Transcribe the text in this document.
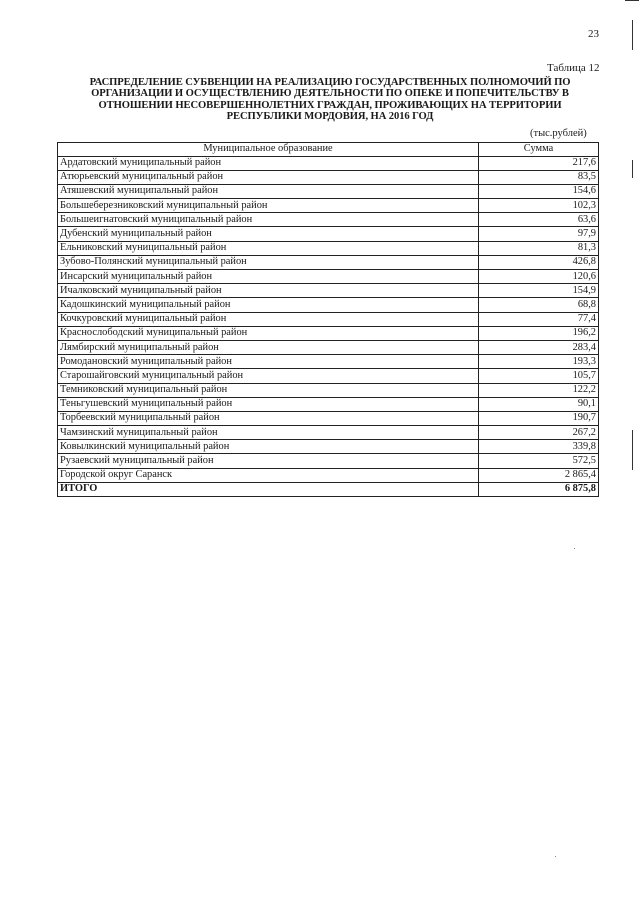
23
Таблица 12
РАСПРЕДЕЛЕНИЕ СУБВЕНЦИИ НА РЕАЛИЗАЦИЮ ГОСУДАРСТВЕННЫХ ПОЛНОМОЧИЙ ПО
ОРГАНИЗАЦИИ И ОСУЩЕСТВЛЕНИЮ ДЕЯТЕЛЬНОСТИ ПО ОПЕКЕ И ПОПЕЧИТЕЛЬСТВУ В
ОТНОШЕНИИ НЕСОВЕРШЕННОЛЕТНИХ ГРАЖДАН, ПРОЖИВАЮЩИХ НА ТЕРРИТОРИИ
РЕСПУБЛИКИ МОРДОВИЯ, НА 2016 ГОД
(тыс.рублей)
Муниципальное образование	Сумма
Ардатовский муниципальный район	217,6
Атюрьевский муниципальный район	83,5
Атяшевский муниципальный район	154,6
Большеберезниковский муниципальный район	102,3
Большеигнатовский муниципальный район	63,6
Дубенский муниципальный район	97,9
Ельниковский муниципальный район	81,3
Зубово-Полянский муниципальный район	426,8
Инсарский муниципальный район	120,6
Ичалковский муниципальный район	154,9
Кадошкинский муниципальный район	68,8
Кочкуровский муниципальный район	77,4
Краснослободский муниципальный район	196,2
Лямбирский муниципальный район	283,4
Ромодановский муниципальный район	193,3
Старошайговский муниципальный район	105,7
Темниковский муниципальный район	122,2
Теньгушевский муниципальный район	90,1
Торбеевский муниципальный район	190,7
Чамзинский муниципальный район	267,2
Ковылкинский муниципальный район	339,8
Рузаевский муниципальный район	572,5
Городской округ Саранск	2 865,4
ИТОГО	6 875,8
